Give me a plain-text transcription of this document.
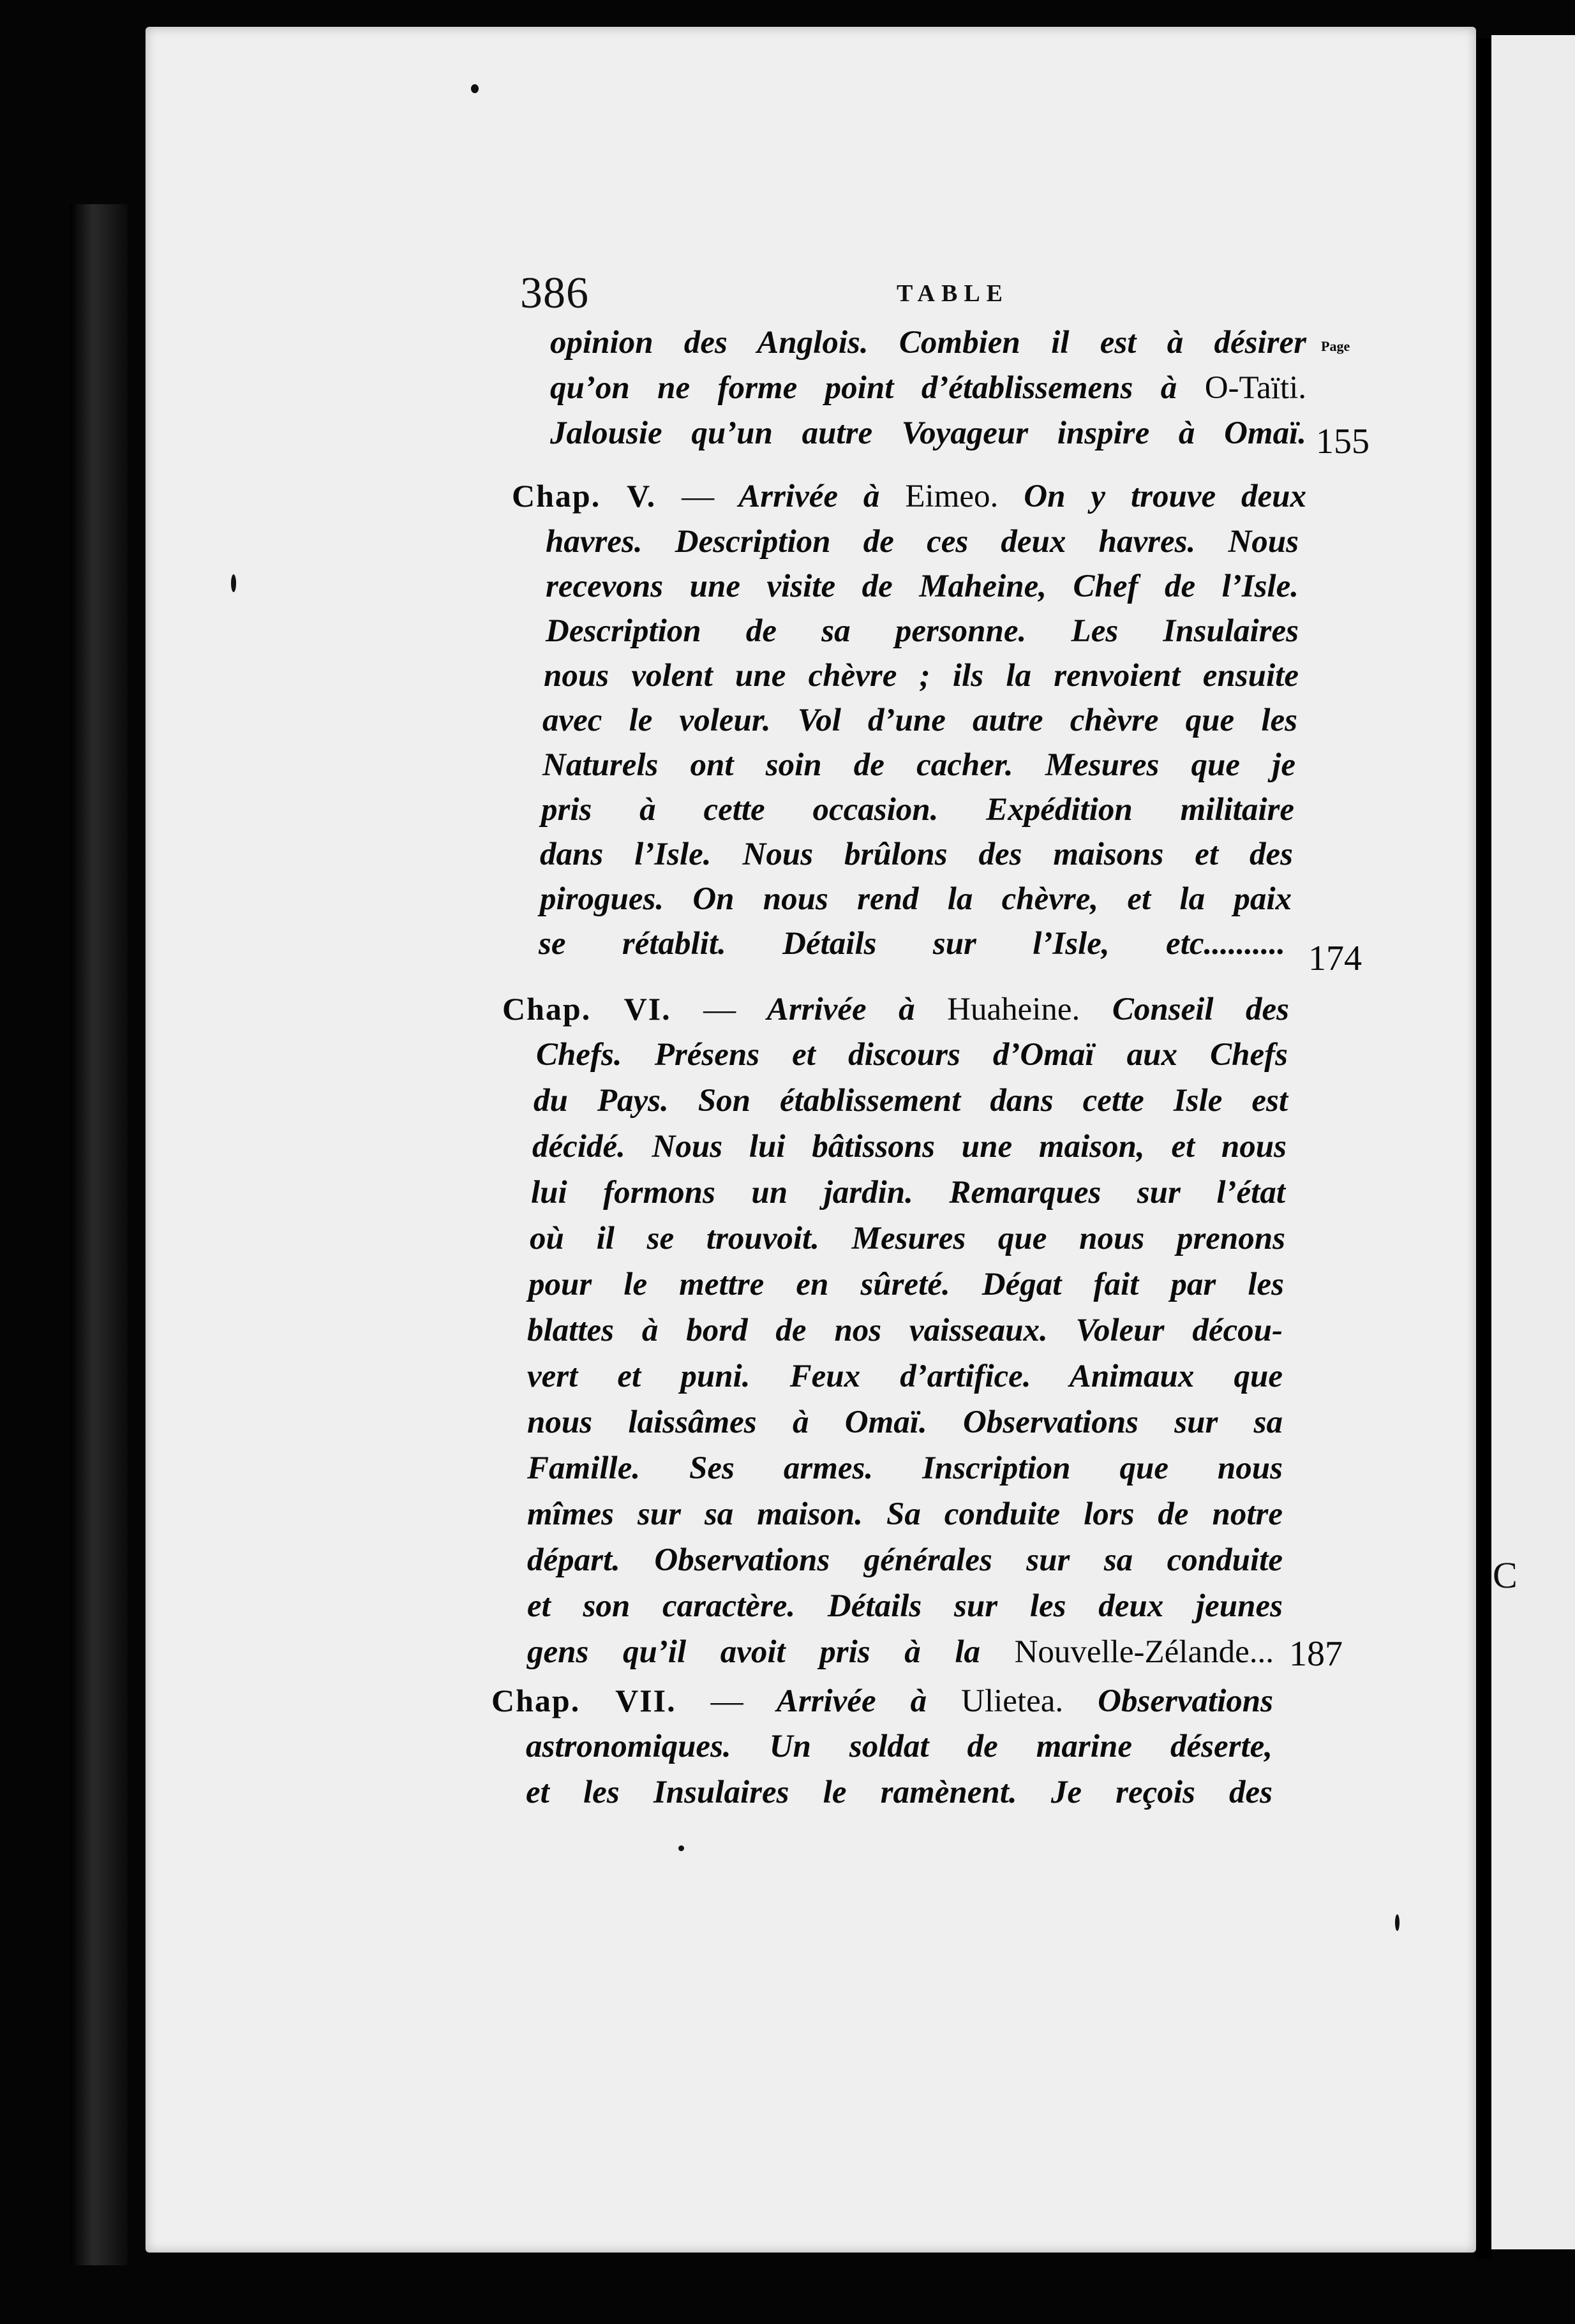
C
386	TABLE
opinion des Anglois. Combien il est à désirer Page
qu’on ne forme point d’établissemens à O-Taïti.
Jalousie qu’un autre Voyageur inspire à Omaï. 155
Chap. V. — Arrivée à Eimeo. On y trouve deux
havres. Description de ces deux havres. Nous
recevons une visite de Maheine, Chef de l’Isle.
Description de sa personne. Les Insulaires
nous volent une chèvre ; ils la renvoient ensuite
avec le voleur. Vol d’une autre chèvre que les
Naturels ont soin de cacher. Mesures que je
pris à cette occasion. Expédition militaire
dans l’Isle. Nous brûlons des maisons et des
pirogues. On nous rend la chèvre, et la paix
se rétablit. Détails sur l’Isle, etc.......... 174
Chap. VI. — Arrivée à Huaheine. Conseil des
Chefs. Présens et discours d’Omaï aux Chefs
du Pays. Son établissement dans cette Isle est
décidé. Nous lui bâtissons une maison, et nous
lui formons un jardin. Remarques sur l’état
où il se trouvoit. Mesures que nous prenons
pour le mettre en sûreté. Dégat fait par les
blattes à bord de nos vaisseaux. Voleur décou-
vert et puni. Feux d’artifice. Animaux que
nous laissâmes à Omaï. Observations sur sa
Famille. Ses armes. Inscription que nous
mîmes sur sa maison. Sa conduite lors de notre
départ. Observations générales sur sa conduite
et son caractère. Détails sur les deux jeunes
gens qu’il avoit pris à la Nouvelle-Zélande... 187
Chap. VII. — Arrivée à Ulietea. Observations
astronomiques. Un soldat de marine déserte,
et les Insulaires le ramènent. Je reçois des
